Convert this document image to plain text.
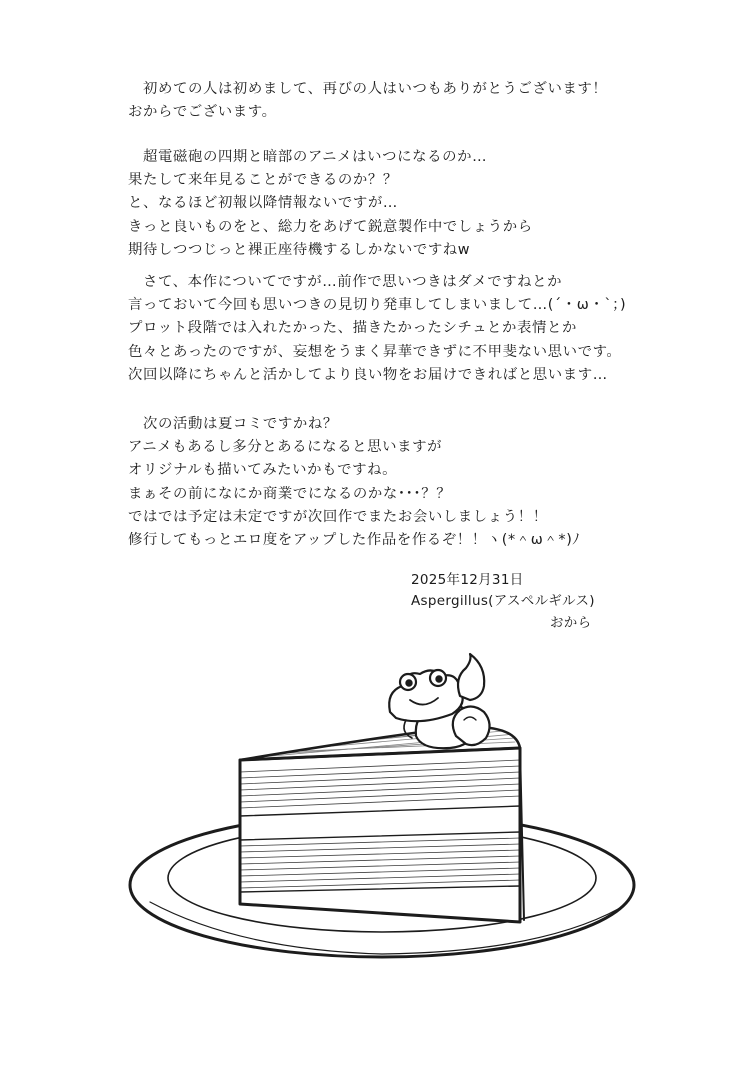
　初めての人は初めまして、再びの人はいつもありがとうございます！
おからでございます。
　超電磁砲の四期と暗部のアニメはいつになるのか…
果たして来年見ることができるのか？？
と、なるほど初報以降情報ないですが…
きっと良いものをと、総力をあげて鋭意製作中でしょうから
期待しつつじっと裸正座待機するしかないですねw
　さて、本作についてですが…前作で思いつきはダメですねとか
言っておいて今回も思いつきの見切り発車してしまいまして…(´・ω・`；)
プロット段階では入れたかった、描きたかったシチュとか表情とか
色々とあったのですが、妄想をうまく昇華できずに不甲斐ない思いです。
次回以降にちゃんと活かしてより良い物をお届けできればと思います…
　次の活動は夏コミですかね？
アニメもあるし多分とあるになると思いますが
オリジナルも描いてみたいかもですね。
まぁその前になにか商業でになるのかな･･･？？
ではでは予定は未定ですが次回作でまたお会いしましょう！！
修行してもっとエロ度をアップした作品を作るぞ！！ヽ(*＾ω＾*)ﾉ
2025年12月31日
Aspergillus(アスペルギルス)
おから
